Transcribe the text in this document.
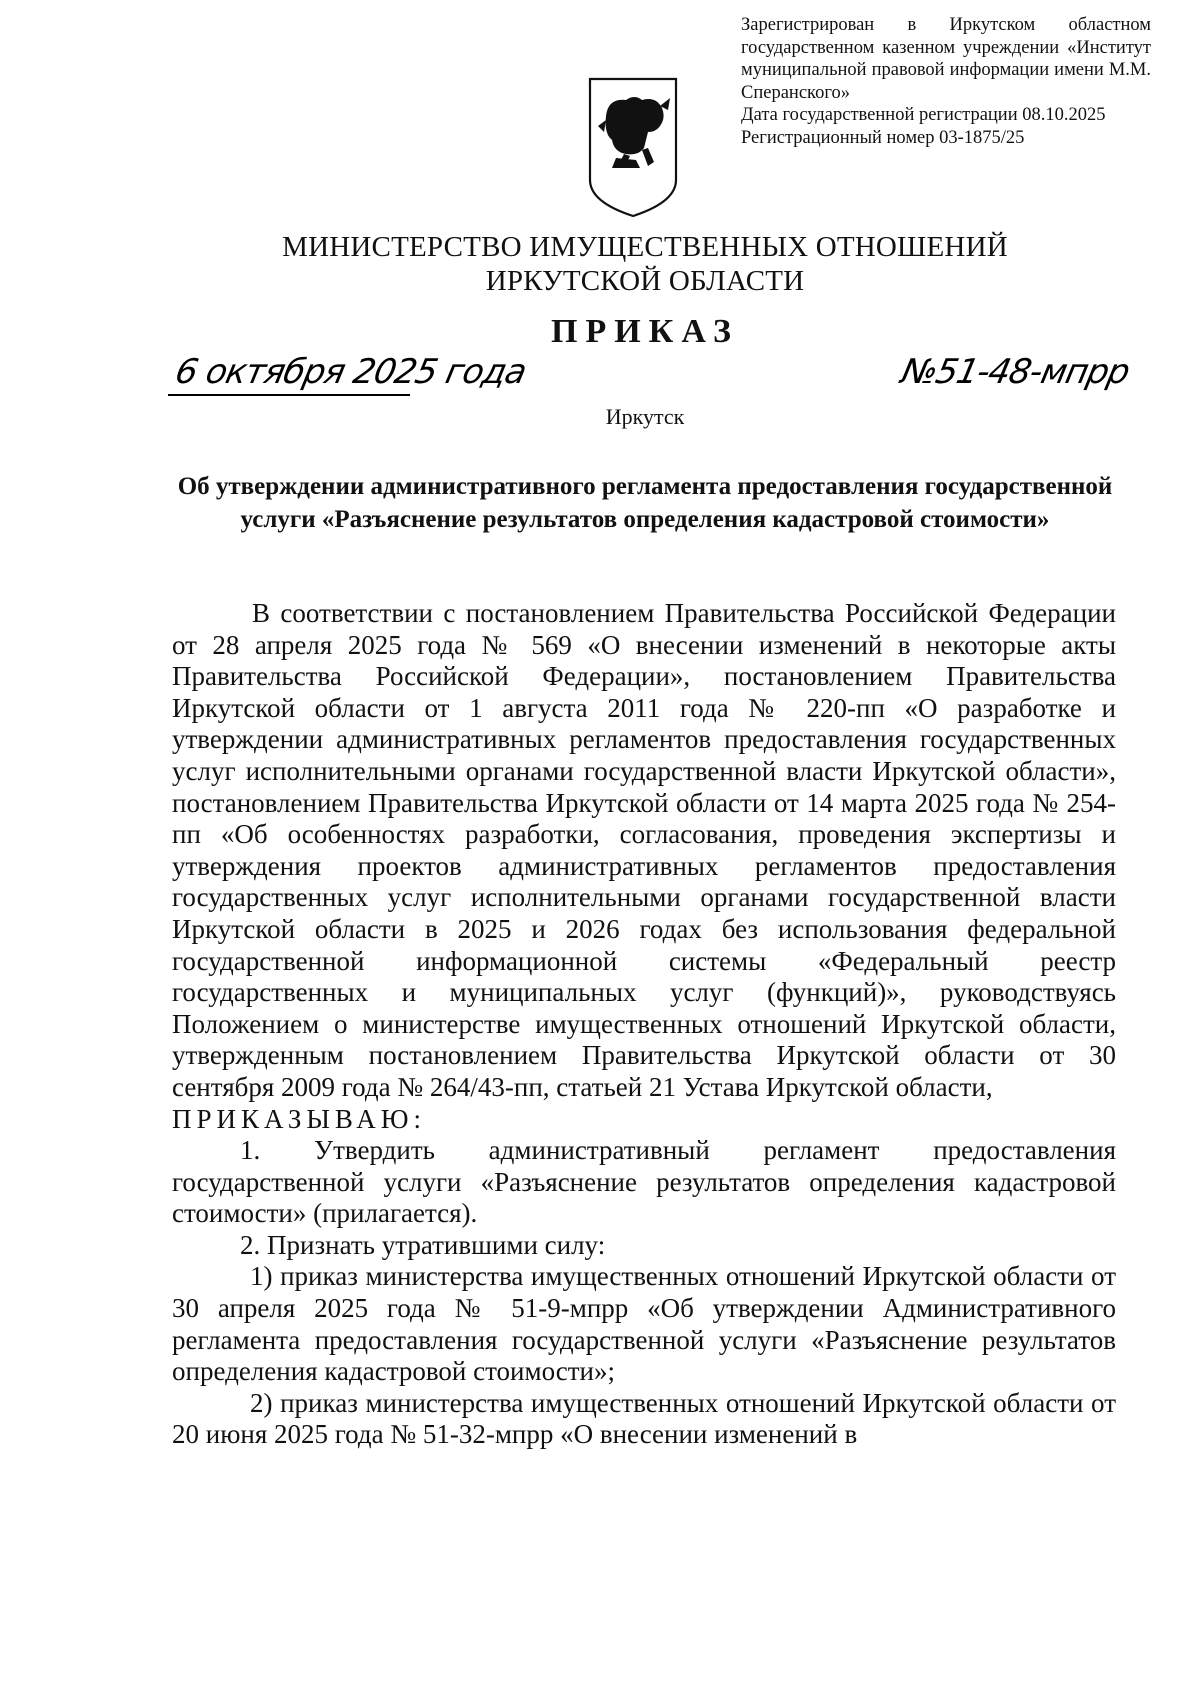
Зарегистрирован в Иркутском областном государственном казенном учреждении «Институт муниципальной правовой информации имени М.М. Сперанского»
Дата государственной регистрации 08.10.2025
Регистрационный номер 03-1875/25
МИНИСТЕРСТВО ИМУЩЕСТВЕННЫХ ОТНОШЕНИЙ
ИРКУТСКОЙ ОБЛАСТИ
ПРИКАЗ
6 октября 2025 года	№51-48-мпрр
Иркутск
Об утверждении административного регламента предоставления государственной услуги «Разъяснение результатов определения кадастровой стоимости»

В соответствии с постановлением Правительства Российской Федерации от 28 апреля 2025 года № 569 «О внесении изменений в некоторые акты Правительства Российской Федерации», постановлением Правительства Иркутской области от 1 августа 2011 года № 220-пп «О разработке и утверждении административных регламентов предоставления государственных услуг исполнительными органами государственной власти Иркутской области», постановлением Правительства Иркутской области от 14 марта 2025 года № 254-пп «Об особенностях разработки, согласования, проведения экспертизы и утверждения проектов административных регламентов предоставления государственных услуг исполнительными органами государственной власти Иркутской области в 2025 и 2026 годах без использования федеральной государственной информационной системы «Федеральный реестр государственных и муниципальных услуг (функций)», руководствуясь Положением о министерстве имущественных отношений Иркутской области, утвержденным постановлением Правительства Иркутской области от 30 сентября 2009 года № 264/43-пп, статьей 21 Устава Иркутской области,

ПРИКАЗЫВАЮ:

1. Утвердить административный регламент предоставления государственной услуги «Разъяснение результатов определения кадастровой стоимости» (прилагается).

2. Признать утратившими силу:

1) приказ министерства имущественных отношений Иркутской области от 30 апреля 2025 года № 51-9-мпрр «Об утверждении Административного регламента предоставления государственной услуги «Разъяснение результатов определения кадастровой стоимости»;

2) приказ министерства имущественных отношений Иркутской области от 20 июня 2025 года № 51-32-мпрр «О внесении изменений в
